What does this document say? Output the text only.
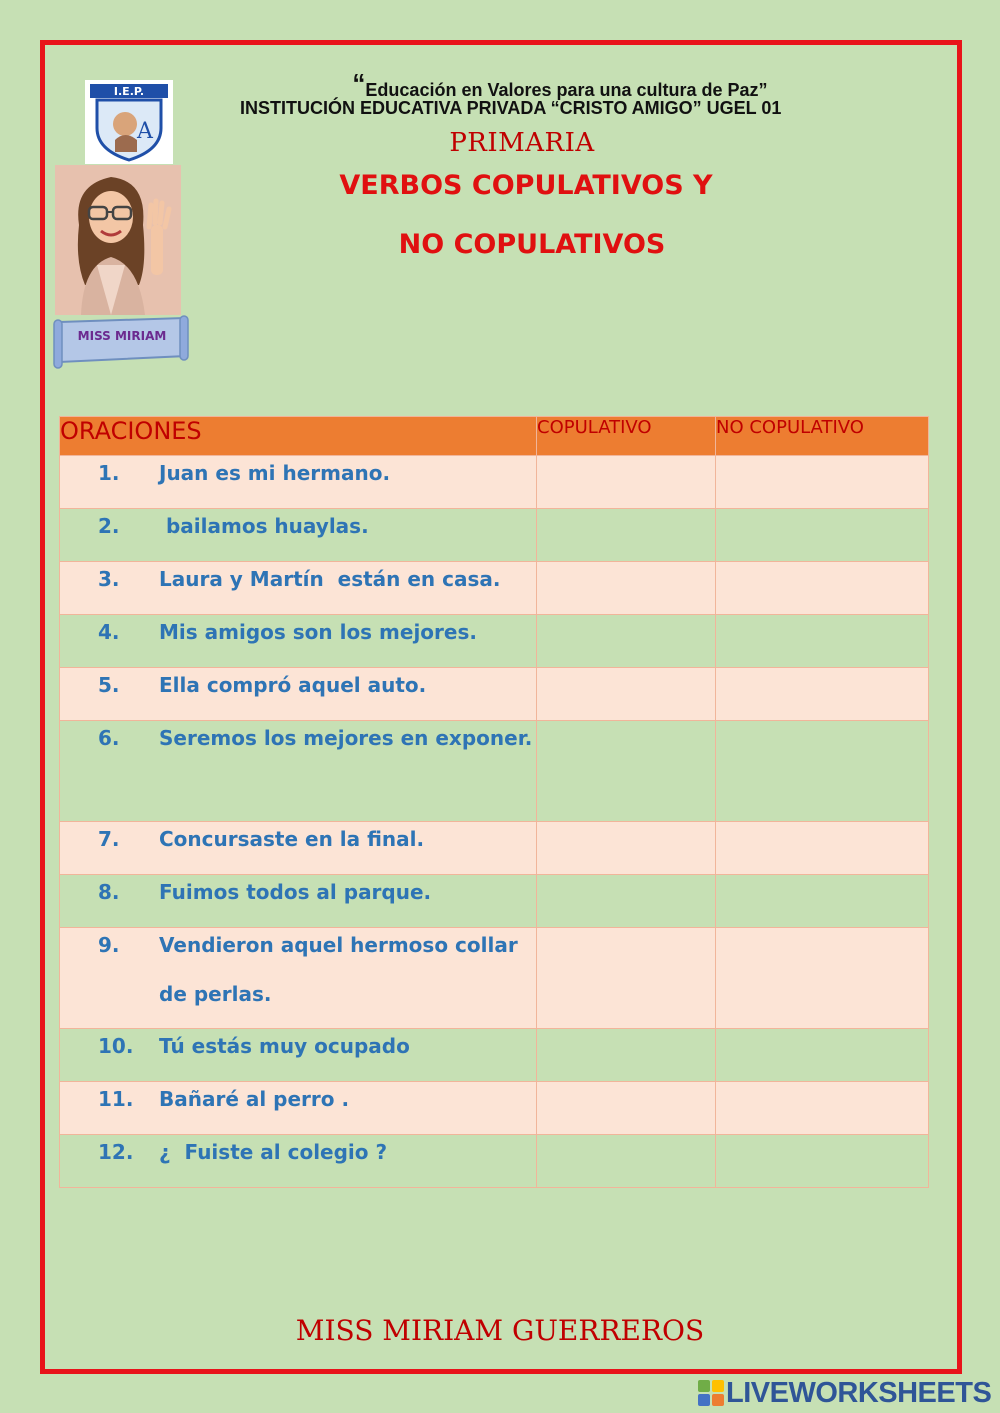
“Educación en Valores para una cultura de Paz”
INSTITUCIÓN EDUCATIVA PRIVADA “CRISTO AMIGO” UGEL 01
I.E.P.
A	PRIMARIA
VERBOS COPULATIVOS Y
NO COPULATIVOS
MISS MIRIAM
ORACIONES	COPULATIVO	NO COPULATIVO

1. Juan es mi hermano.		

2. bailamos huaylas.		

3. Laura y Martín  están en casa.		

4. Mis amigos son los mejores.		

5. Ella compró aquel auto.		

6. Seremos los mejores en exponer.		

7. Concursaste en la final.		

8. Fuimos todos al parque.		

9. Vendieron aquel hermoso collar de perlas.		

10. Tú estás muy ocupado		

11. Bañaré al perro .		

12. ¿  Fuiste al colegio ?		

MISS MIRIAM GUERREROS
LIVEWORKSHEETS
